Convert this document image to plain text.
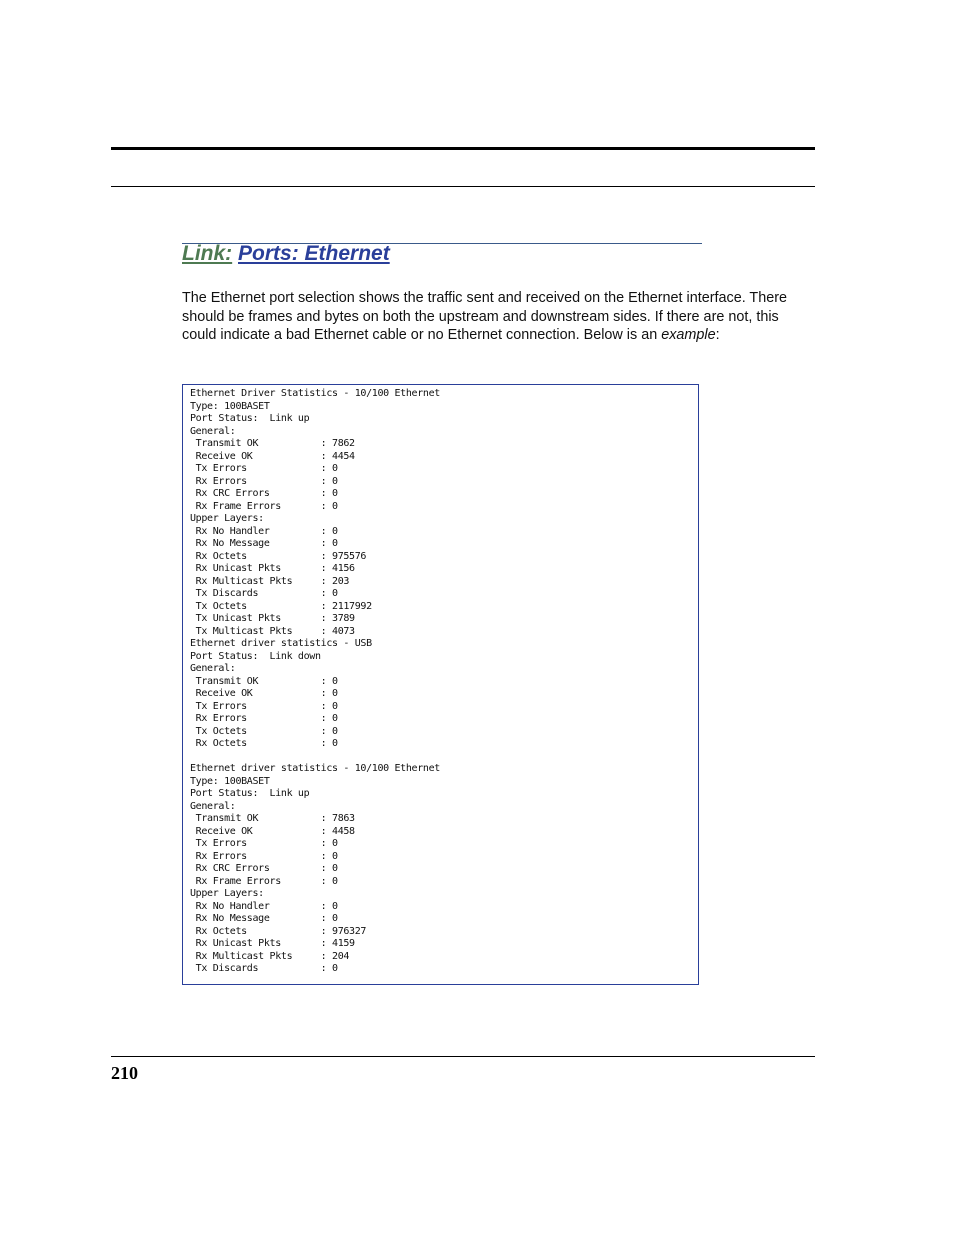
Link: Ports: Ethernet
The Ethernet port selection shows the traffic sent and received on the Ethernet interface. There should be frames and bytes on both the upstream and downstream sides. If there are not, this could indicate a bad Ethernet cable or no Ethernet connection. Below is an example:
Ethernet Driver Statistics - 10/100 Ethernet
Type: 100BASET
Port Status:  Link up
General:
Transmit OK           : 7862
Receive OK            : 4454
Tx Errors             : 0
Rx Errors             : 0
Rx CRC Errors         : 0
Rx Frame Errors       : 0
Upper Layers:
Rx No Handler         : 0
Rx No Message         : 0
Rx Octets             : 975576
Rx Unicast Pkts       : 4156
Rx Multicast Pkts     : 203
Tx Discards           : 0
Tx Octets             : 2117992
Tx Unicast Pkts       : 3789
Tx Multicast Pkts     : 4073
Ethernet driver statistics - USB
Port Status:  Link down
General:
Transmit OK           : 0
Receive OK            : 0
Tx Errors             : 0
Rx Errors             : 0
Tx Octets             : 0
Rx Octets             : 0

Ethernet driver statistics - 10/100 Ethernet
Type: 100BASET
Port Status:  Link up
General:
Transmit OK           : 7863
Receive OK            : 4458
Tx Errors             : 0
Rx Errors             : 0
Rx CRC Errors         : 0
Rx Frame Errors       : 0
Upper Layers:
Rx No Handler         : 0
Rx No Message         : 0
Rx Octets             : 976327
Rx Unicast Pkts       : 4159
Rx Multicast Pkts     : 204
Tx Discards           : 0

210
